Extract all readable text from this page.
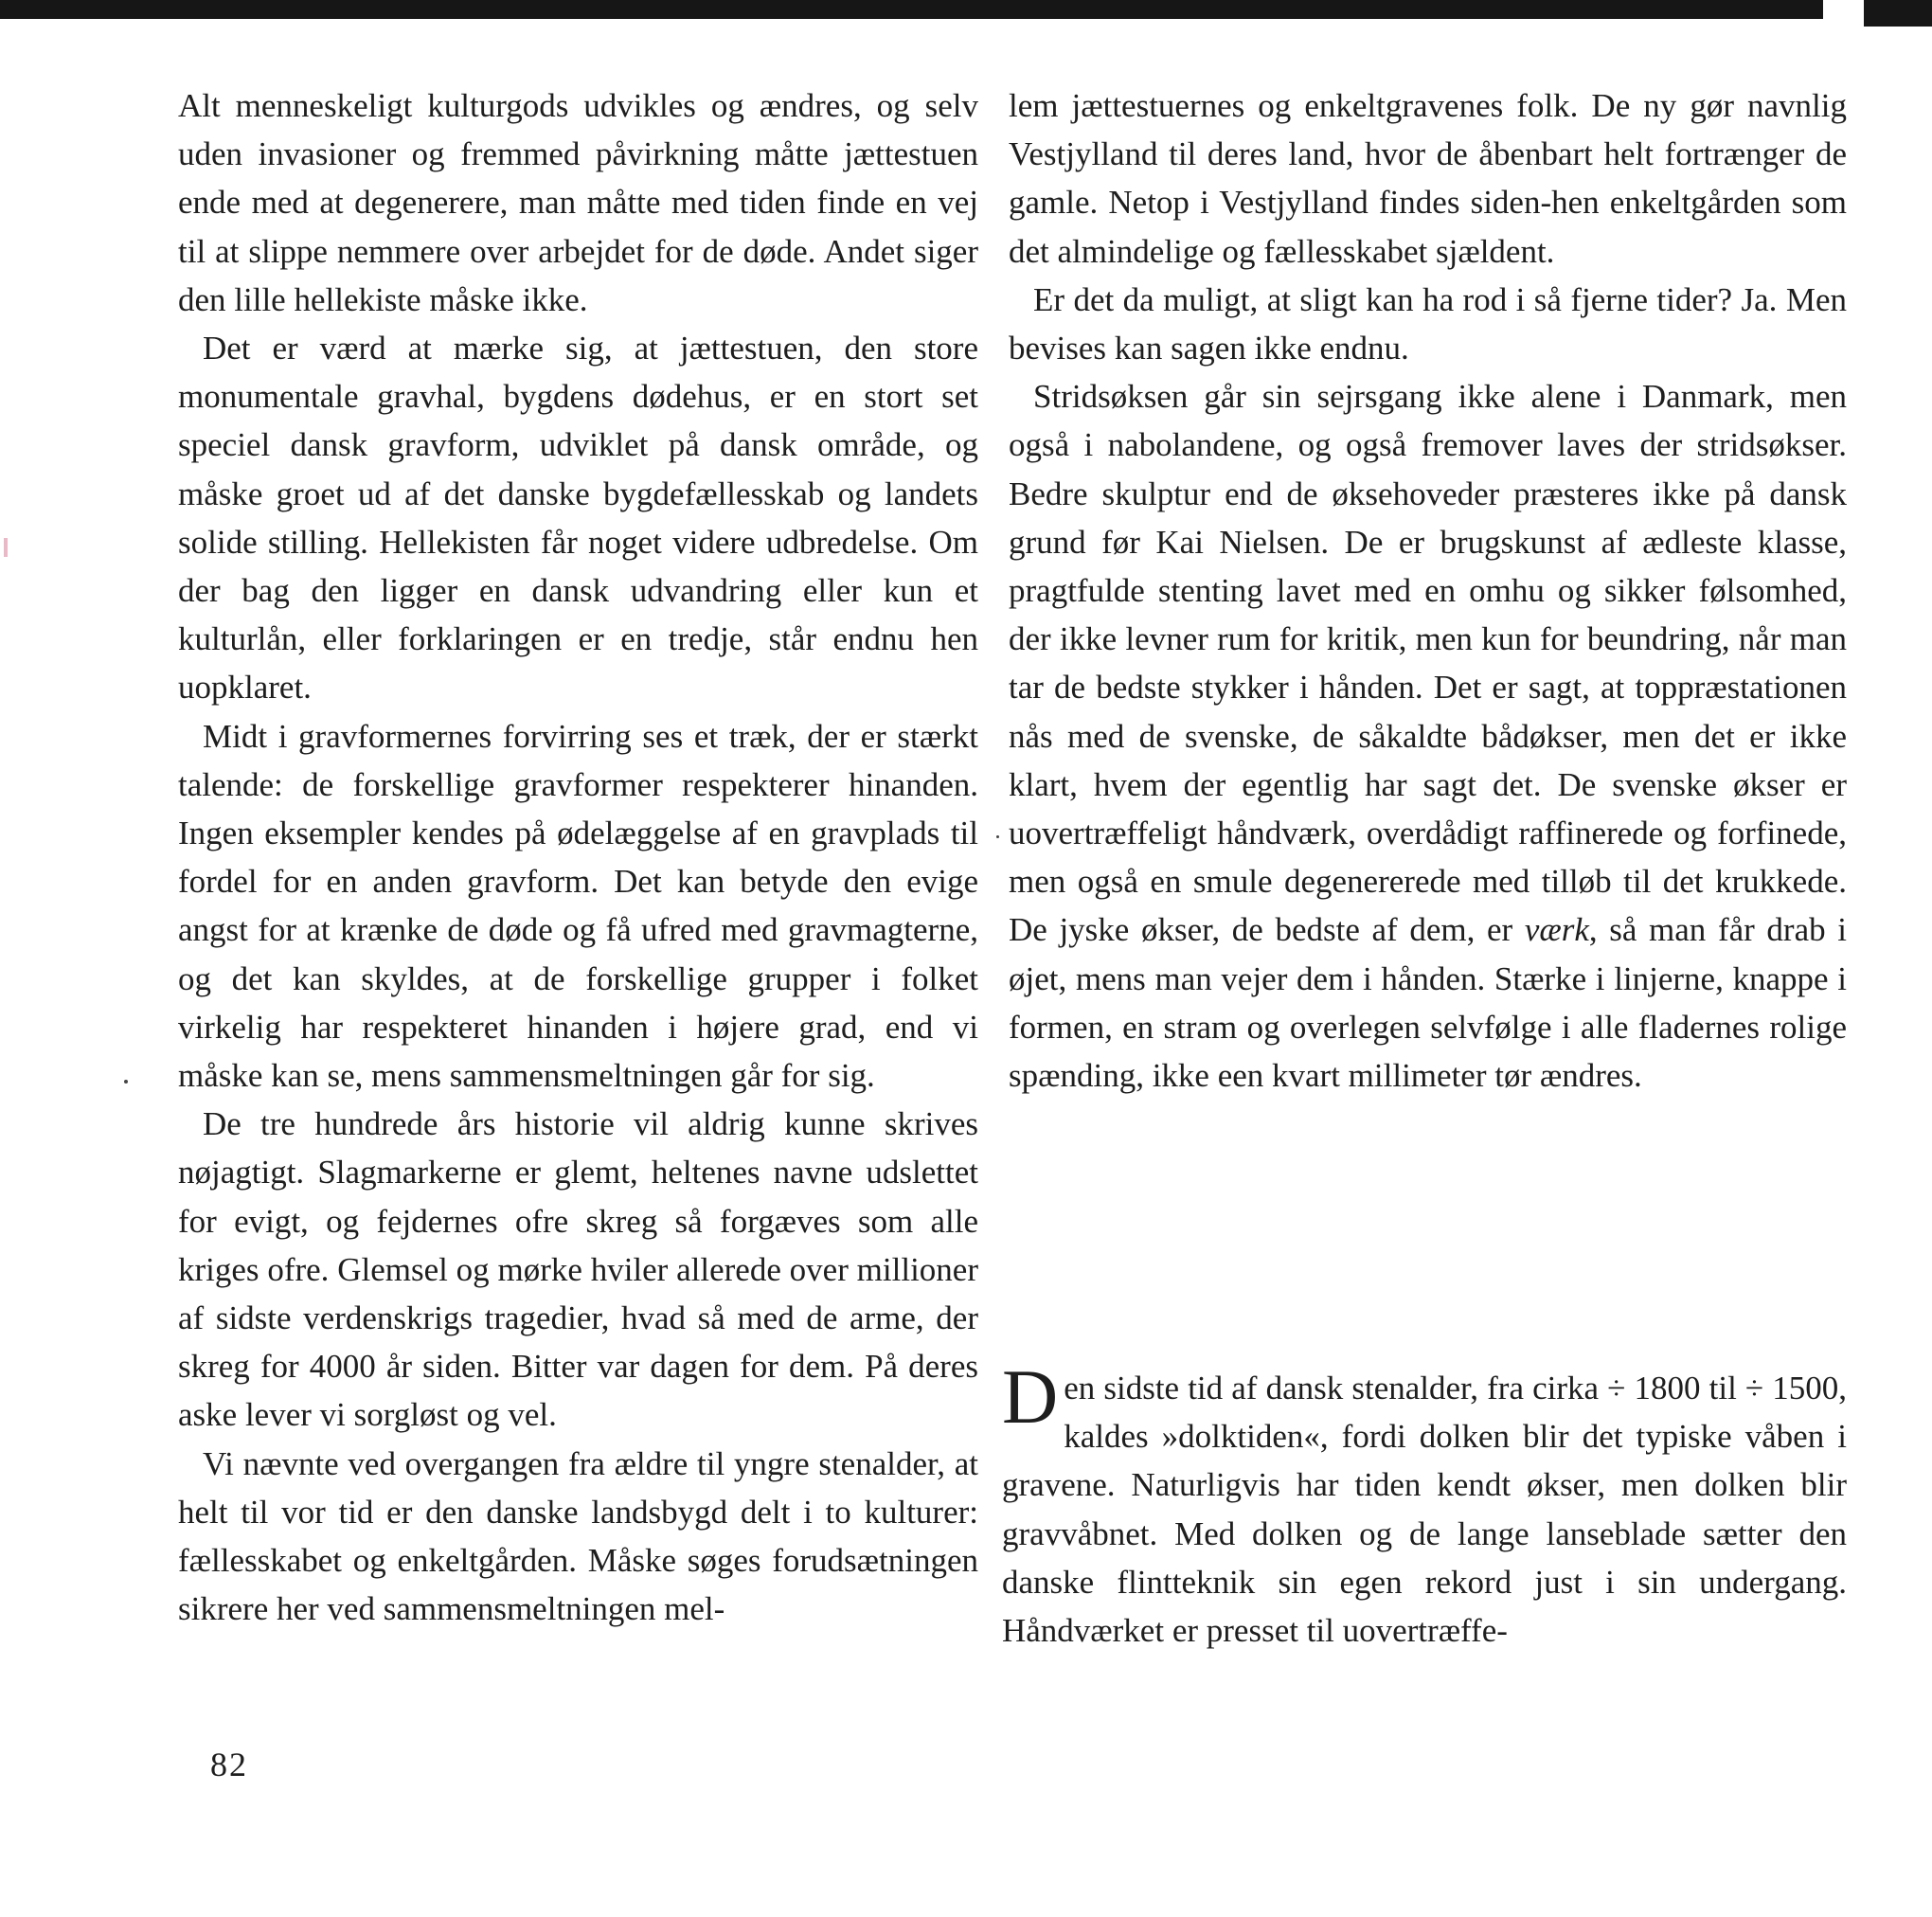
Alt menneskeligt kulturgods udvikles og ændres, og selv uden invasioner og fremmed påvirkning måtte jættestuen ende med at degenerere, man måtte med tiden finde en vej til at slippe nemmere over arbejdet for de døde. Andet siger den lille hellekiste måske ikke.

Det er værd at mærke sig, at jættestuen, den store monumentale gravhal, bygdens dødehus, er en stort set speciel dansk gravform, udviklet på dansk område, og måske groet ud af det danske bygdefællesskab og landets solide stilling. Hellekisten får noget videre udbredelse. Om der bag den ligger en dansk udvandring eller kun et kulturlån, eller forklaringen er en tredje, står endnu hen uopklaret.

Midt i gravformernes forvirring ses et træk, der er stærkt talende: de forskellige gravformer respekterer hinanden. Ingen eksempler kendes på ødelæggelse af en gravplads til fordel for en anden gravform. Det kan betyde den evige angst for at krænke de døde og få ufred med gravmagterne, og det kan skyldes, at de forskellige grupper i folket virkelig har respekteret hinanden i højere grad, end vi måske kan se, mens sammensmeltningen går for sig.

De tre hundrede års historie vil aldrig kunne skrives nøjagtigt. Slagmarkerne er glemt, heltenes navne udslettet for evigt, og fejdernes ofre skreg så forgæves som alle kriges ofre. Glemsel og mørke hviler allerede over millioner af sidste verdenskrigs tragedier, hvad så med de arme, der skreg for 4000 år siden. Bitter var dagen for dem. På deres aske lever vi sorgløst og vel.

Vi nævnte ved overgangen fra ældre til yngre stenalder, at helt til vor tid er den danske landsbygd delt i to kulturer: fællesskabet og enkeltgården. Måske søges forudsætningen sikrere her ved sammensmeltningen mel-

lem jættestuernes og enkeltgravenes folk. De ny gør navnlig Vestjylland til deres land, hvor de åbenbart helt fortrænger de gamle. Netop i Vestjylland findes siden-hen enkeltgården som det almindelige og fællesskabet sjældent.

Er det da muligt, at sligt kan ha rod i så fjerne tider? Ja. Men bevises kan sagen ikke endnu.

Stridsøksen går sin sejrsgang ikke alene i Danmark, men også i nabolandene, og også fremover laves der stridsøkser. Bedre skulptur end de øksehoveder præsteres ikke på dansk grund før Kai Nielsen. De er brugskunst af ædleste klasse, pragtfulde stenting lavet med en omhu og sikker følsomhed, der ikke levner rum for kritik, men kun for beundring, når man tar de bedste stykker i hånden. Det er sagt, at toppræstationen nås med de svenske, de såkaldte bådøkser, men det er ikke klart, hvem der egentlig har sagt det. De svenske økser er uovertræffeligt håndværk, overdådigt raffinerede og forfinede, men også en smule degenererede med tilløb til det krukkede. De jyske økser, de bedste af dem, er værk, så man får drab i øjet, mens man vejer dem i hånden. Stærke i linjerne, knappe i formen, en stram og overlegen selvfølge i alle fladernes rolige spænding, ikke een kvart millimeter tør ændres.

Den sidste tid af dansk stenalder, fra cirka ÷ 1800 til ÷ 1500, kaldes »dolktiden«, fordi dolken blir det typiske våben i gravene. Naturligvis har tiden kendt økser, men dolken blir gravvåbnet. Med dolken og de lange lanseblade sætter den danske flintteknik sin egen rekord just i sin undergang. Håndværket er presset til uovertræffe-
82
